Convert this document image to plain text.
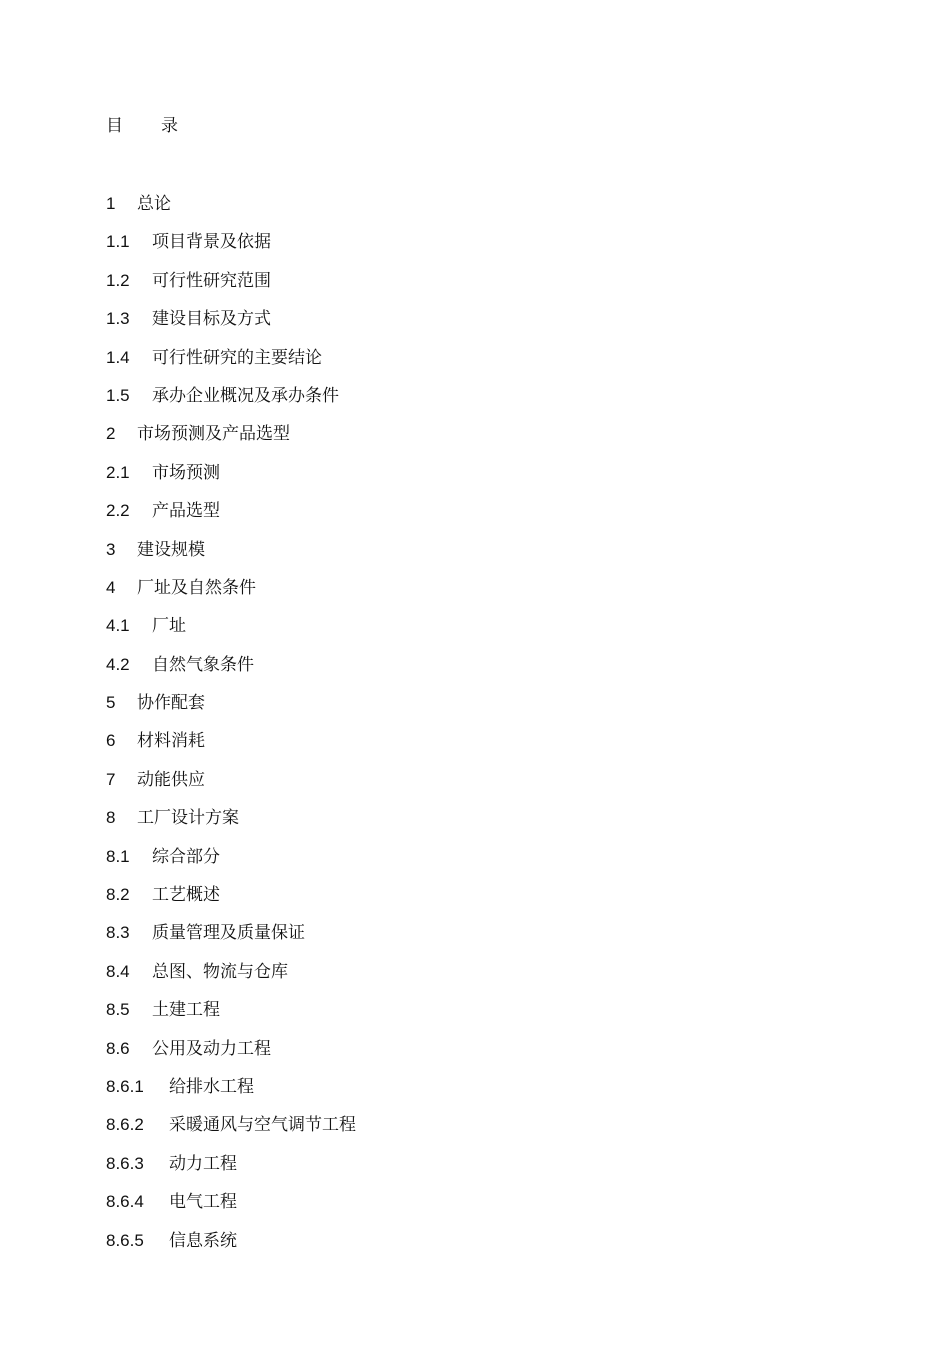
目 录
1	总论
1.1	项目背景及依据
1.2	可行性研究范围
1.3	建设目标及方式
1.4	可行性研究的主要结论
1.5	承办企业概况及承办条件
2	市场预测及产品选型
2.1	市场预测
2.2	产品选型
3	建设规模
4	厂址及自然条件
4.1	厂址
4.2	自然气象条件
5	协作配套
6	材料消耗
7	动能供应
8	工厂设计方案
8.1	综合部分
8.2	工艺概述
8.3	质量管理及质量保证
8.4	总图、物流与仓库
8.5	土建工程
8.6	公用及动力工程
8.6.1	给排水工程
8.6.2	采暖通风与空气调节工程
8.6.3	动力工程
8.6.4	电气工程
8.6.5	信息系统
